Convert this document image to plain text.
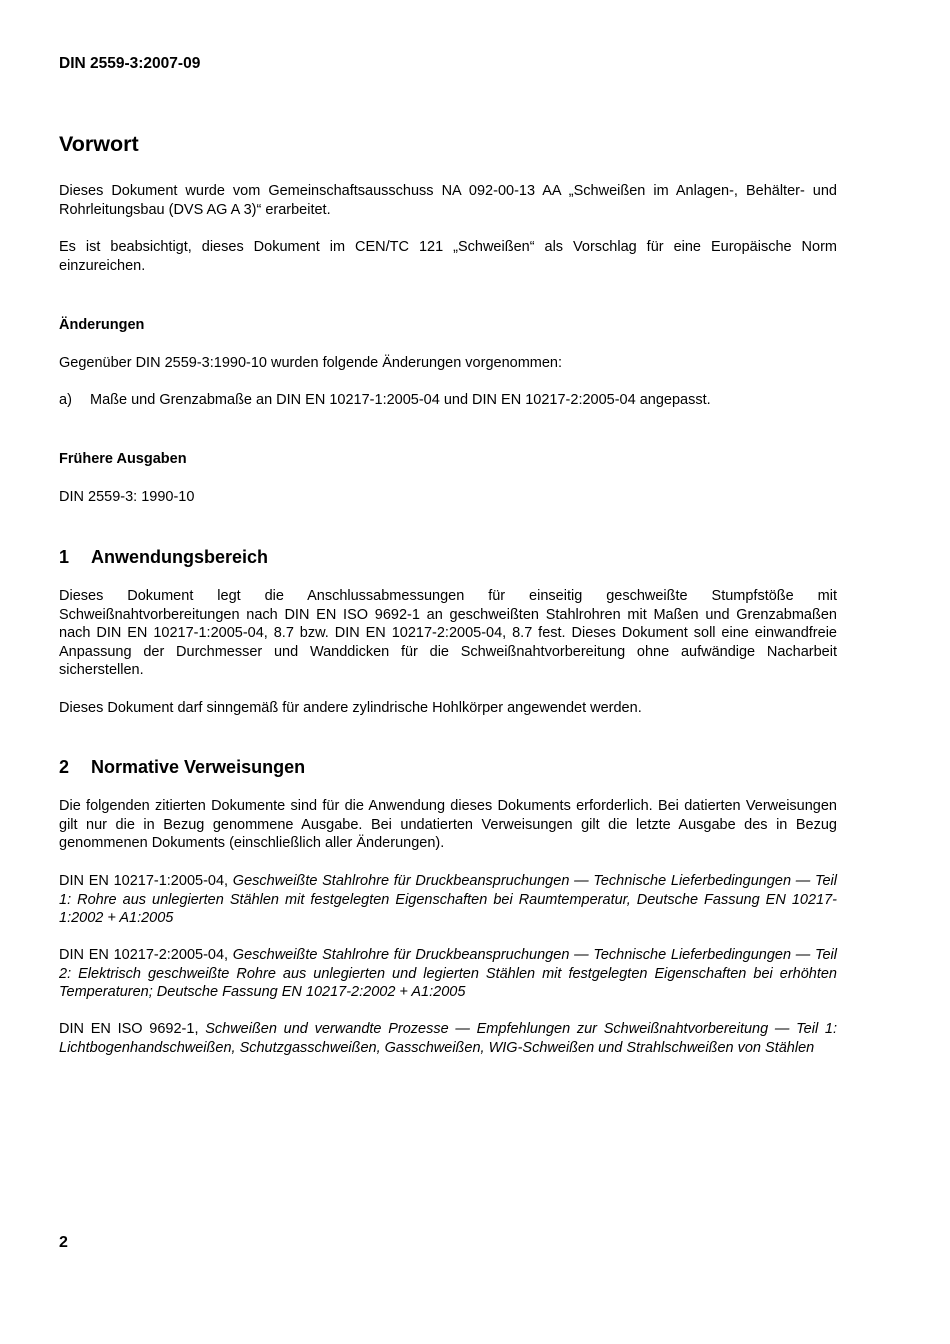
DIN 2559-3:2007-09
Vorwort
Dieses Dokument wurde vom Gemeinschaftsausschuss NA 092-00-13 AA „Schweißen im Anlagen-, Behälter- und Rohrleitungsbau (DVS AG A 3)“ erarbeitet.
Es ist beabsichtigt, dieses Dokument im CEN/TC 121 „Schweißen“ als Vorschlag für eine Europäische Norm einzureichen.
Änderungen
Gegenüber DIN 2559-3:1990-10 wurden folgende Änderungen vorgenommen:
a) Maße und Grenzabmaße an DIN EN 10217-1:2005-04 und DIN EN 10217-2:2005-04 angepasst.
Frühere Ausgaben
DIN 2559-3: 1990-10
1 Anwendungsbereich
Dieses Dokument legt die Anschlussabmessungen für einseitig geschweißte Stumpfstöße mit Schweißnahtvorbereitungen nach DIN EN ISO 9692-1 an geschweißten Stahlrohren mit Maßen und Grenzabmaßen nach DIN EN 10217-1:2005-04, 8.7 bzw. DIN EN 10217-2:2005-04, 8.7 fest. Dieses Dokument soll eine einwandfreie Anpassung der Durchmesser und Wanddicken für die Schweißnahtvorbereitung ohne aufwändige Nacharbeit sicherstellen.
Dieses Dokument darf sinngemäß für andere zylindrische Hohlkörper angewendet werden.
2 Normative Verweisungen
Die folgenden zitierten Dokumente sind für die Anwendung dieses Dokuments erforderlich. Bei datierten Verweisungen gilt nur die in Bezug genommene Ausgabe. Bei undatierten Verweisungen gilt die letzte Ausgabe des in Bezug genommenen Dokuments (einschließlich aller Änderungen).
DIN EN 10217-1:2005-04, Geschweißte Stahlrohre für Druckbeanspruchungen — Technische Lieferbedingungen — Teil 1: Rohre aus unlegierten Stählen mit festgelegten Eigenschaften bei Raumtemperatur, Deutsche Fassung EN 10217-1:2002 + A1:2005
DIN EN 10217-2:2005-04, Geschweißte Stahlrohre für Druckbeanspruchungen — Technische Lieferbedingungen — Teil 2: Elektrisch geschweißte Rohre aus unlegierten und legierten Stählen mit festgelegten Eigenschaften bei erhöhten Temperaturen; Deutsche Fassung EN 10217-2:2002 + A1:2005
DIN EN ISO 9692-1, Schweißen und verwandte Prozesse — Empfehlungen zur Schweißnahtvorbereitung — Teil 1: Lichtbogenhandschweißen, Schutzgasschweißen, Gasschweißen, WIG-Schweißen und Strahlschweißen von Stählen
2
